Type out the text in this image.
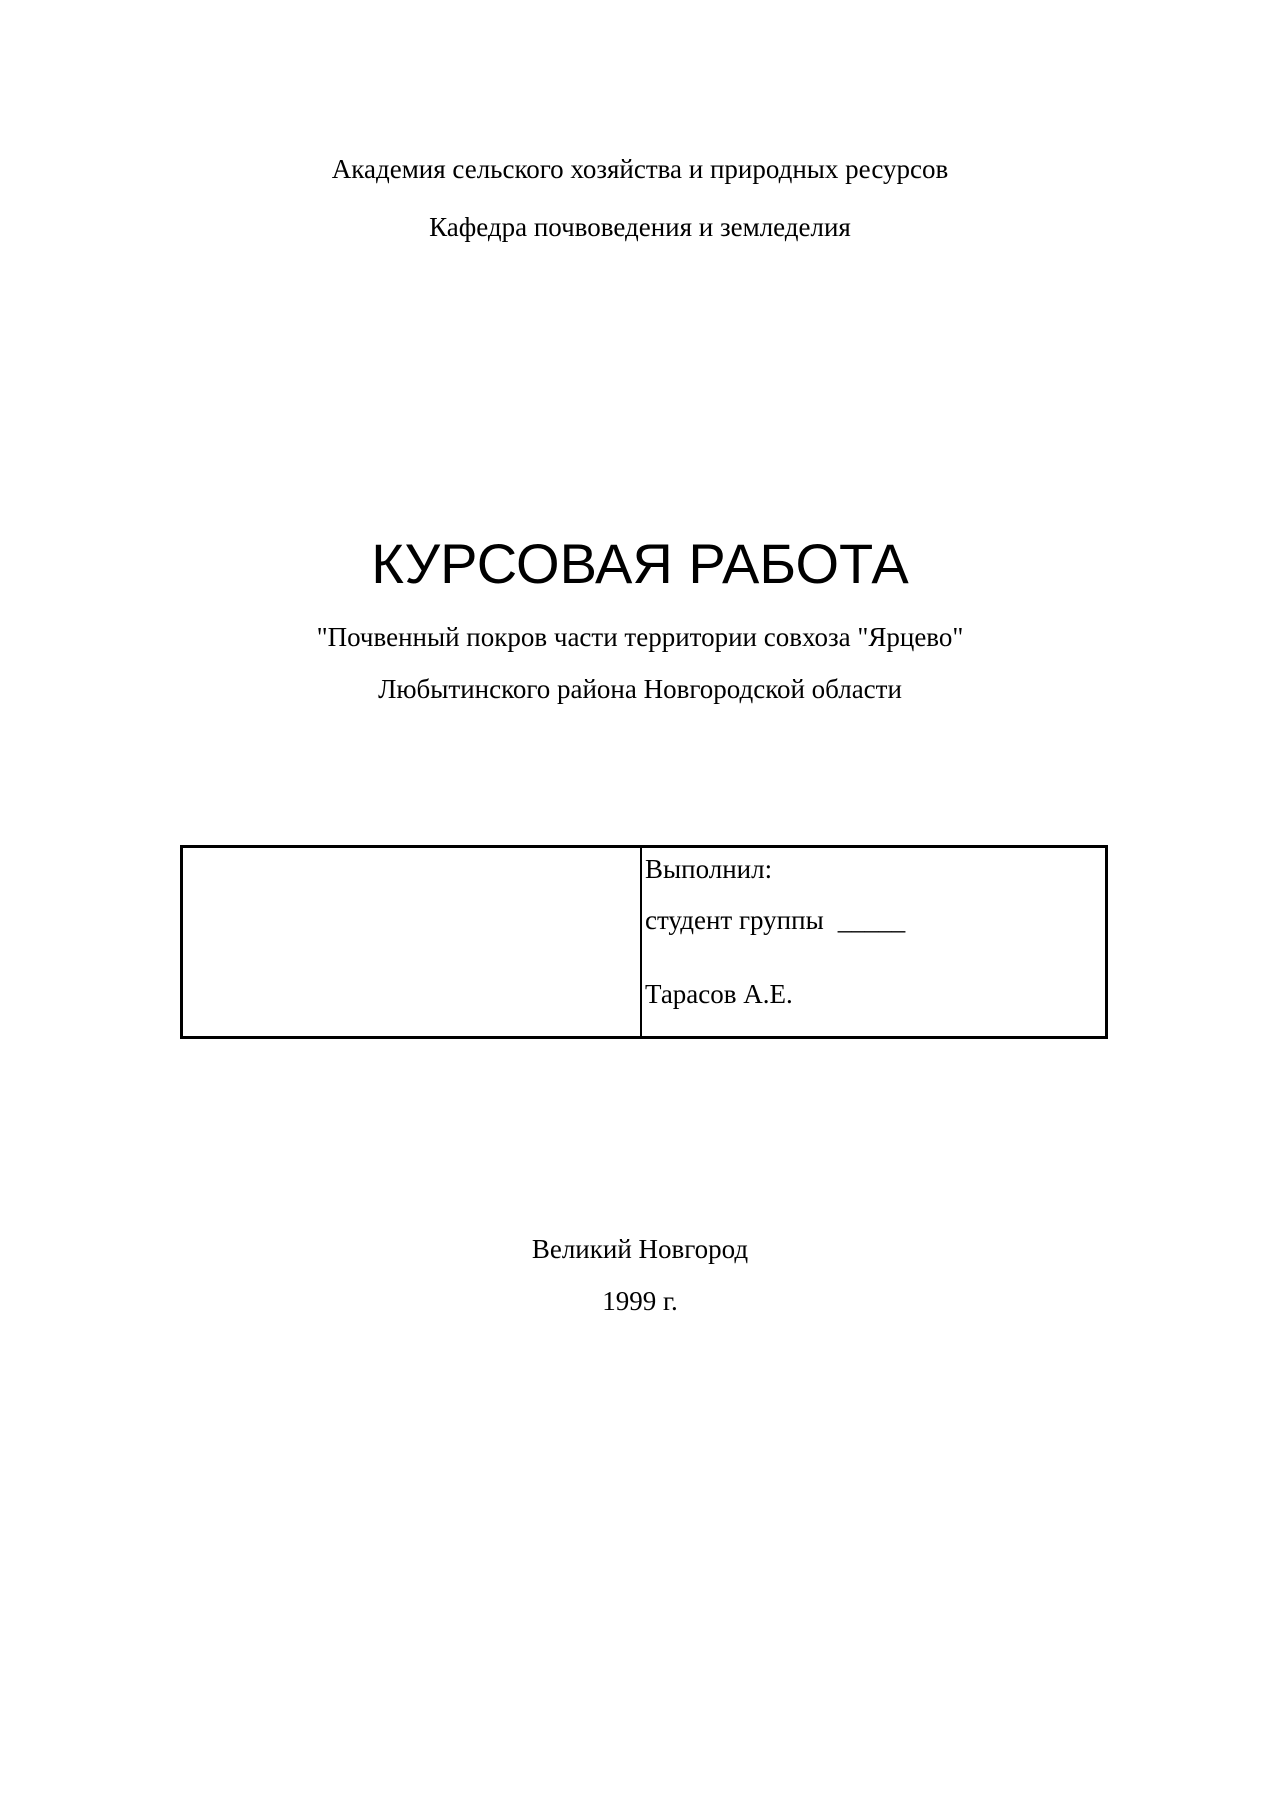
Академия сельского хозяйства и природных ресурсов
Кафедра почвоведения и земледелия
КУРСОВАЯ РАБОТА
"Почвенный покров части территории совхоза "Ярцево"
Любытинского района Новгородской области
Выполнил:
студент группы _____
Тарасов А.Е.
Великий Новгород
1999 г.
